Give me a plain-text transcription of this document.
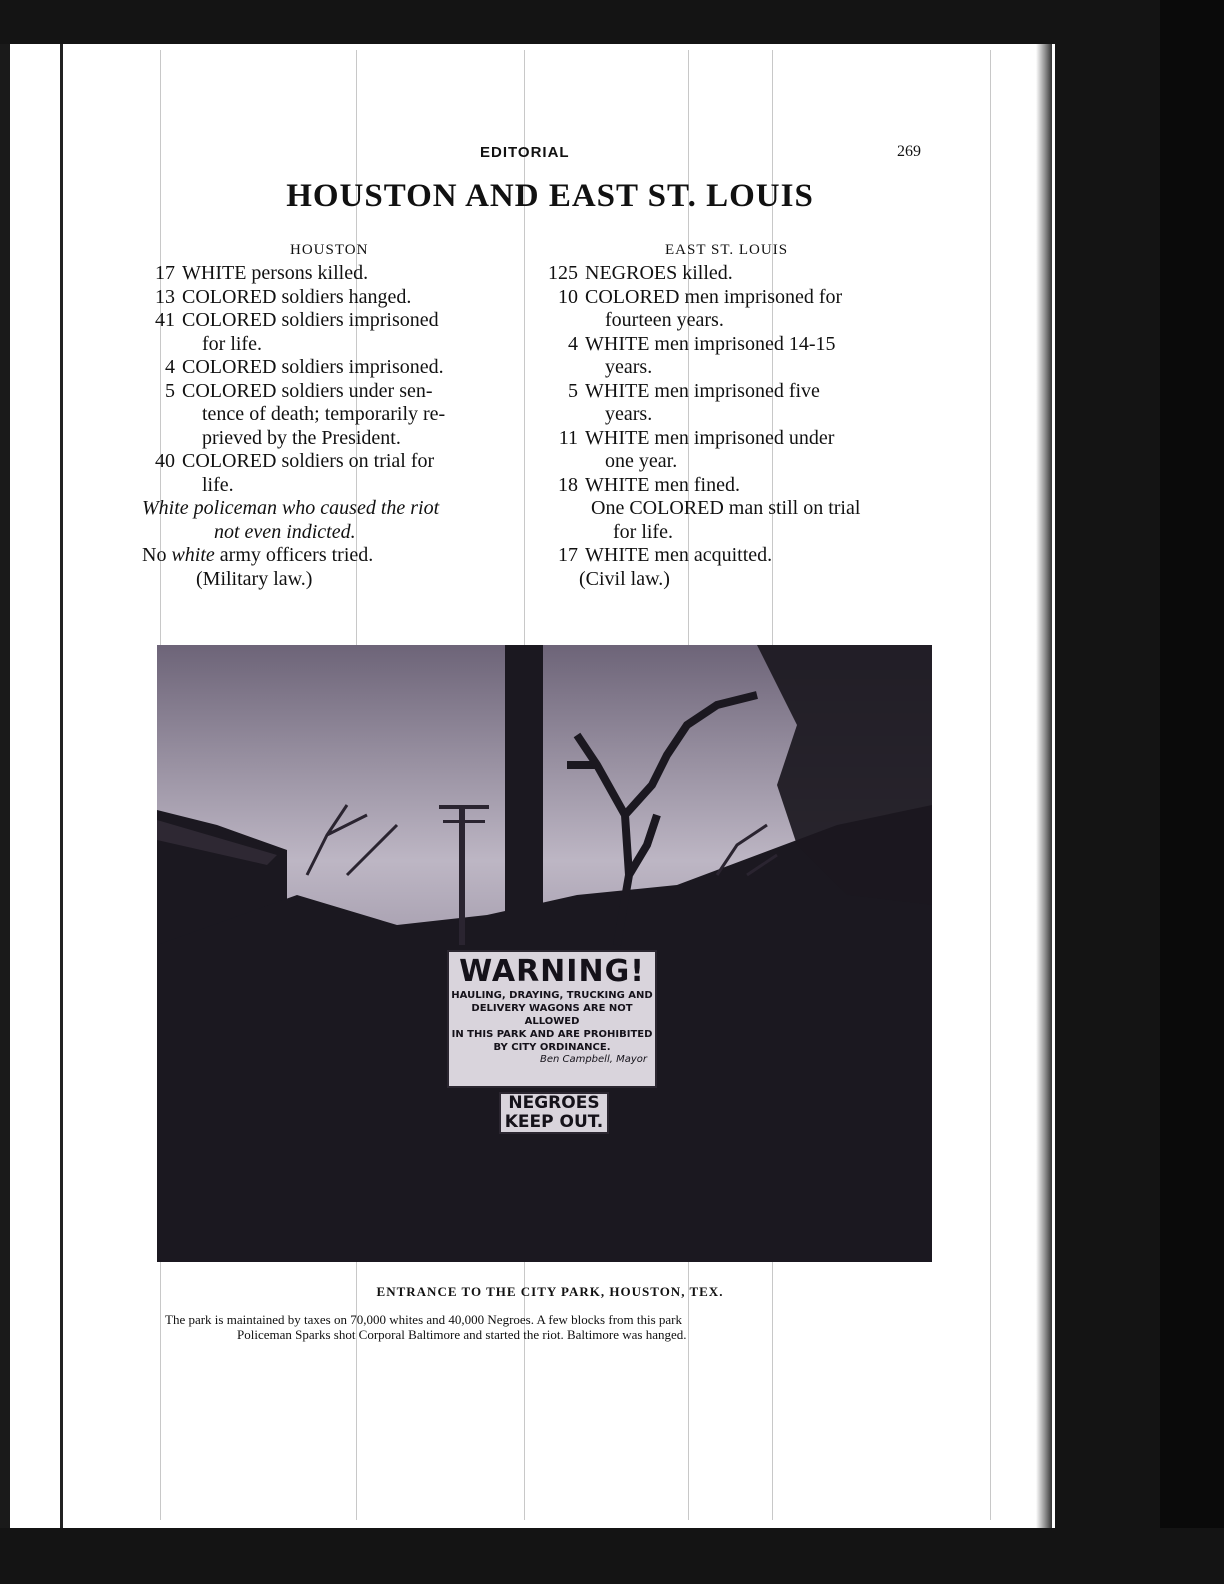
EDITORIAL	269
HOUSTON AND EAST ST. LOUIS
HOUSTON	EAST ST. LOUIS
17 WHITE persons killed.
13 COLORED soldiers hanged.
41 COLORED soldiers imprisoned
for life.
4 COLORED soldiers imprisoned.
5 COLORED soldiers under sen-
tence of death; temporarily re-
prieved by the President.
40 COLORED soldiers on trial for
life.
White policeman who caused the riot
not even indicted.
No white army officers tried.
(Military law.)
125 NEGROES killed.
10 COLORED men imprisoned for
fourteen years.
4 WHITE men imprisoned 14-15
years.
5 WHITE men imprisoned five
years.
11 WHITE men imprisoned under
one year.
18 WHITE men fined.
One COLORED man still on trial
for life.
17 WHITE men acquitted.
(Civil law.)
WARNING!
HAULING, DRAYING, TRUCKING AND
DELIVERY WAGONS ARE NOT ALLOWED
IN THIS PARK AND ARE PROHIBITED
BY CITY ORDINANCE.
Ben Campbell, Mayor
NEGROES
KEEP OUT.
ENTRANCE TO THE CITY PARK, HOUSTON, TEX.
The park is maintained by taxes on 70,000 whites and 40,000 Negroes. A few blocks from this park
Policeman Sparks shot Corporal Baltimore and started the riot. Baltimore was hanged.
